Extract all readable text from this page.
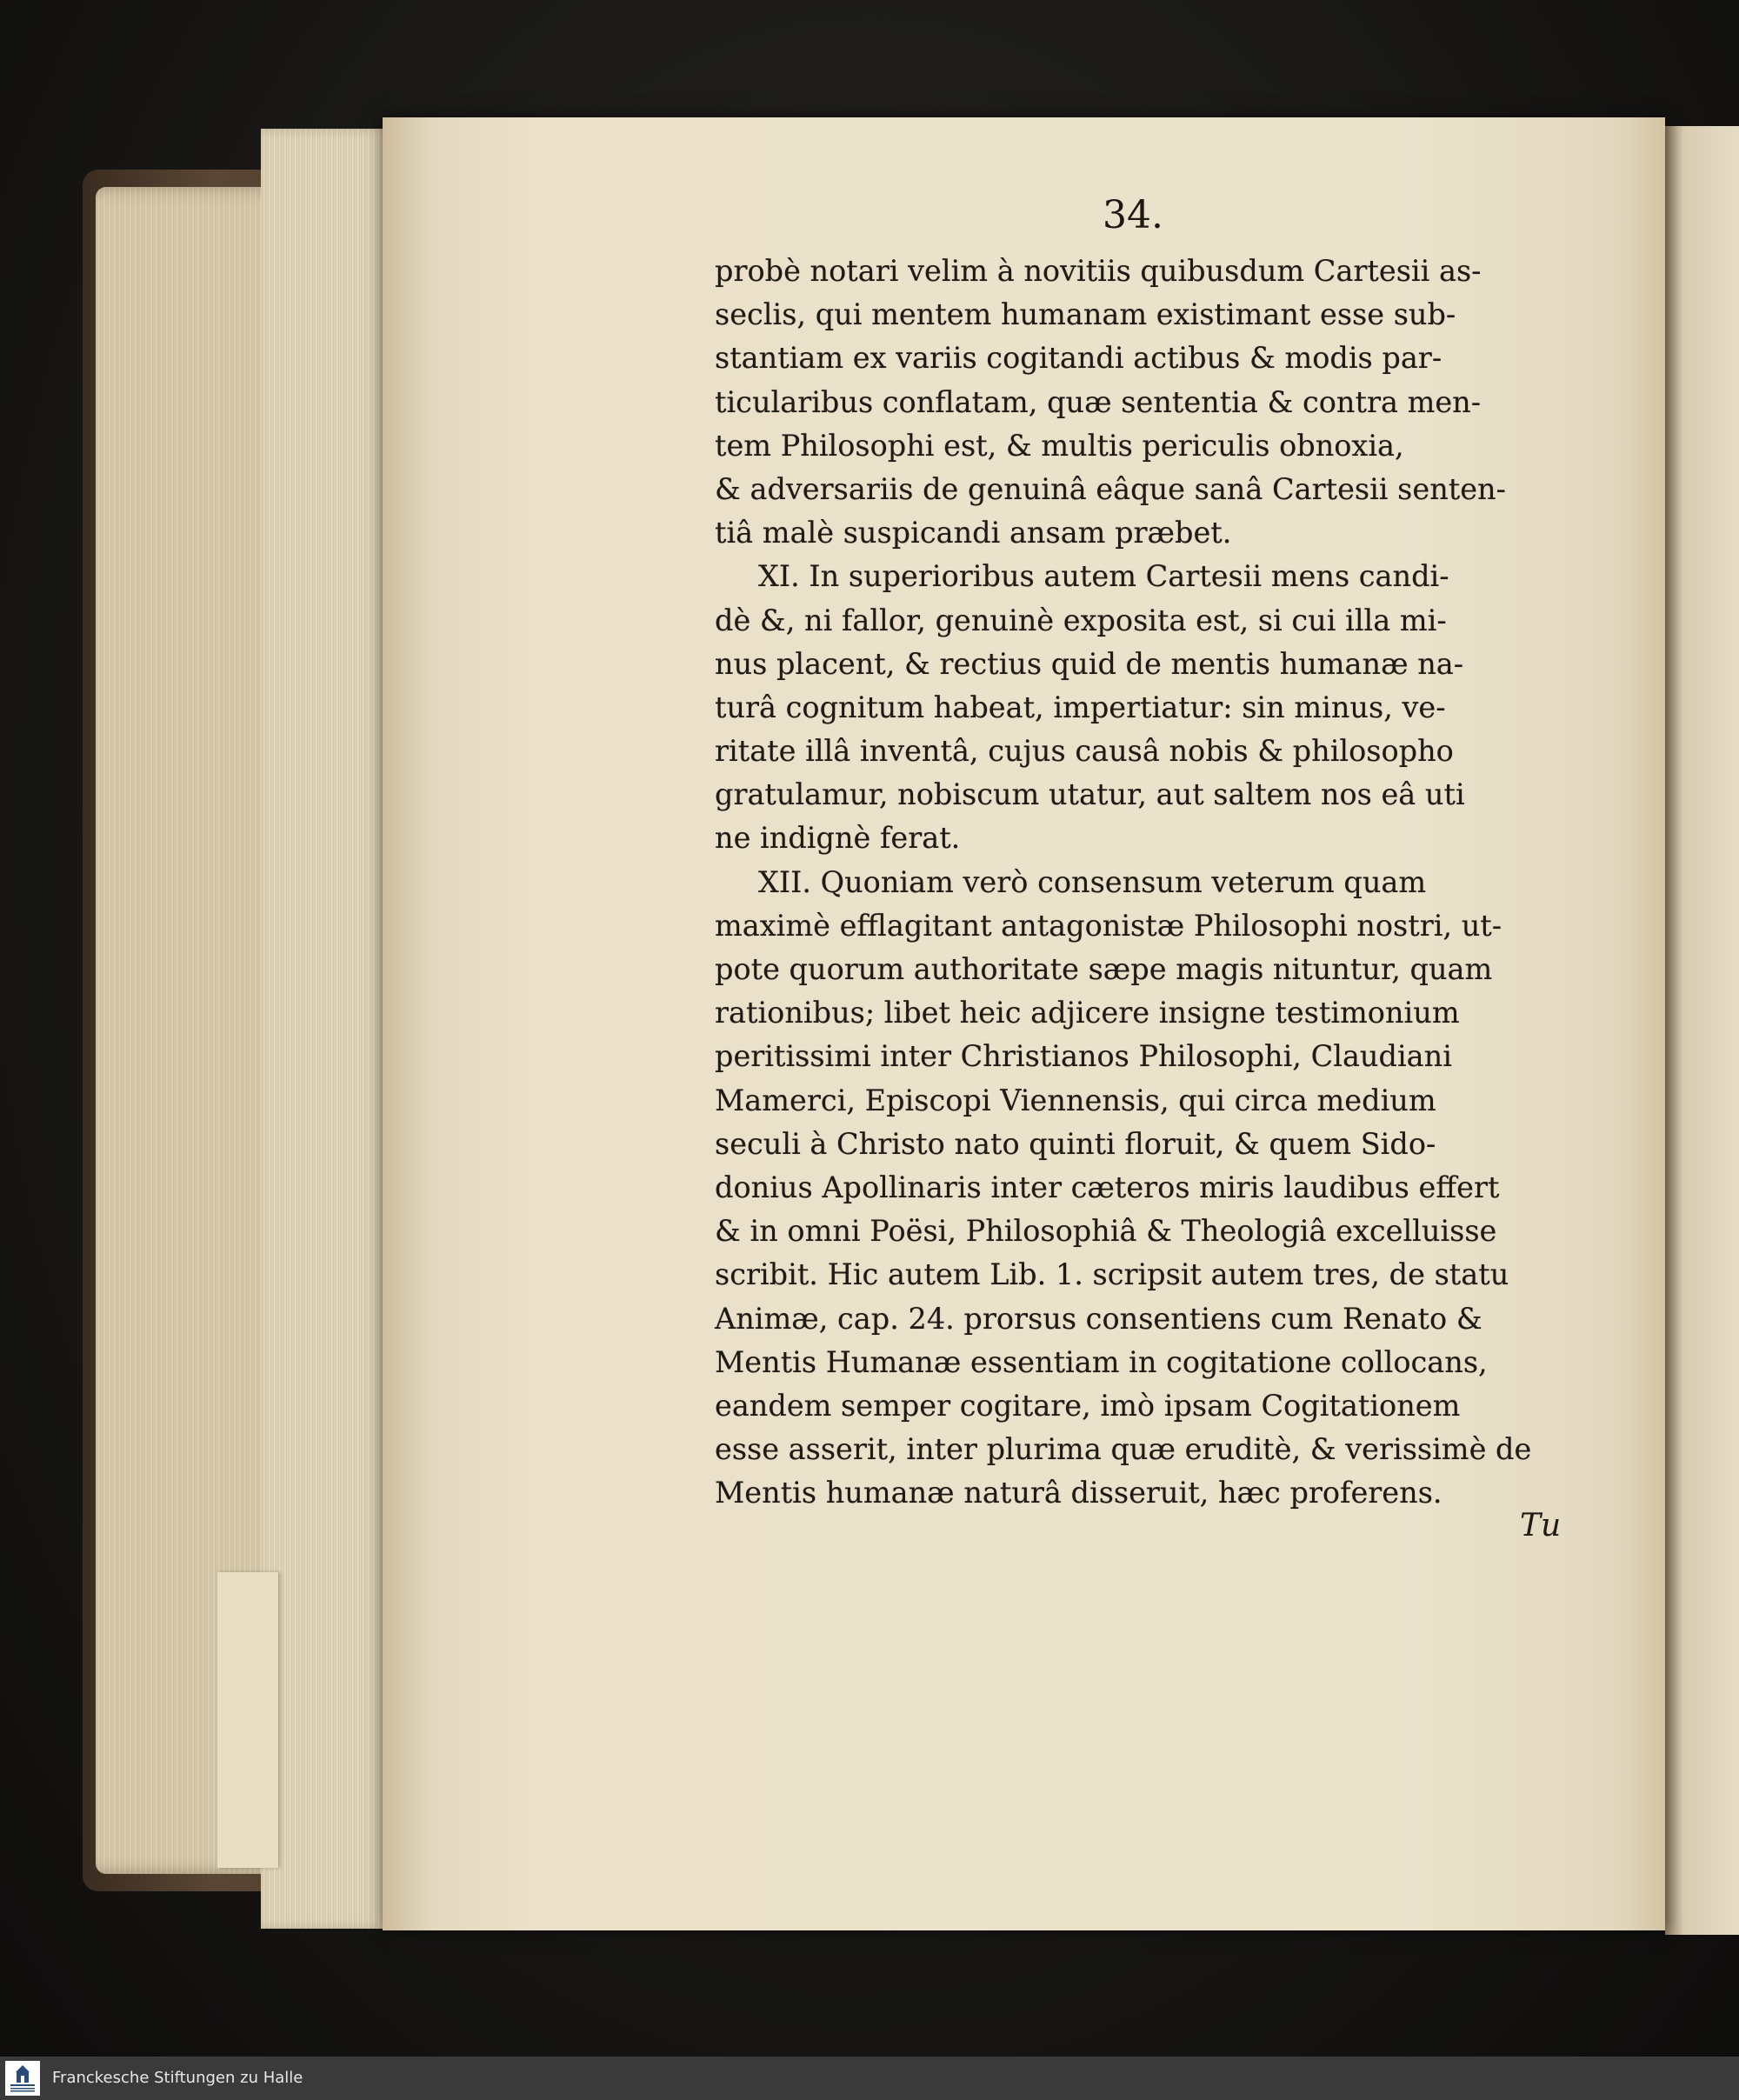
34.
probè notari velim à novitiis quibusdum Cartesii as-
seclis, qui mentem humanam existimant esse sub-
stantiam ex variis cogitandi actibus & modis par-
ticularibus conflatam, quæ sententia & contra men-
tem Philosophi est, & multis periculis obnoxia,
& adversariis de genuinâ eâque sanâ Cartesii senten-
tiâ malè suspicandi ansam præbet.
XI. In superioribus autem Cartesii mens candi-
dè &, ni fallor, genuinè exposita est, si cui illa mi-
nus placent, & rectius quid de mentis humanæ na-
turâ cognitum habeat, impertiatur: sin minus, ve-
ritate illâ inventâ, cujus causâ nobis & philosopho
gratulamur, nobiscum utatur, aut saltem nos eâ uti
ne indignè ferat.
XII. Quoniam verò consensum veterum quam
maximè efflagitant antagonistæ Philosophi nostri, ut-
pote quorum authoritate sæpe magis nituntur, quam
rationibus; libet heic adjicere insigne testimonium
peritissimi inter Christianos Philosophi, Claudiani
Mamerci, Episcopi Viennensis, qui circa medium
seculi à Christo nato quinti floruit, & quem Sido-
donius Apollinaris inter cæteros miris laudibus effert
& in omni Poësi, Philosophiâ & Theologiâ excelluisse
scribit. Hic autem Lib. 1. scripsit autem tres, de statu
Animæ, cap. 24. prorsus consentiens cum Renato &
Mentis Humanæ essentiam in cogitatione collocans,
eandem semper cogitare, imò ipsam Cogitationem
esse asserit, inter plurima quæ eruditè, & verissimè de
Mentis humanæ naturâ disseruit, hæc proferens.
Tu
Franckesche Stiftungen zu Halle
